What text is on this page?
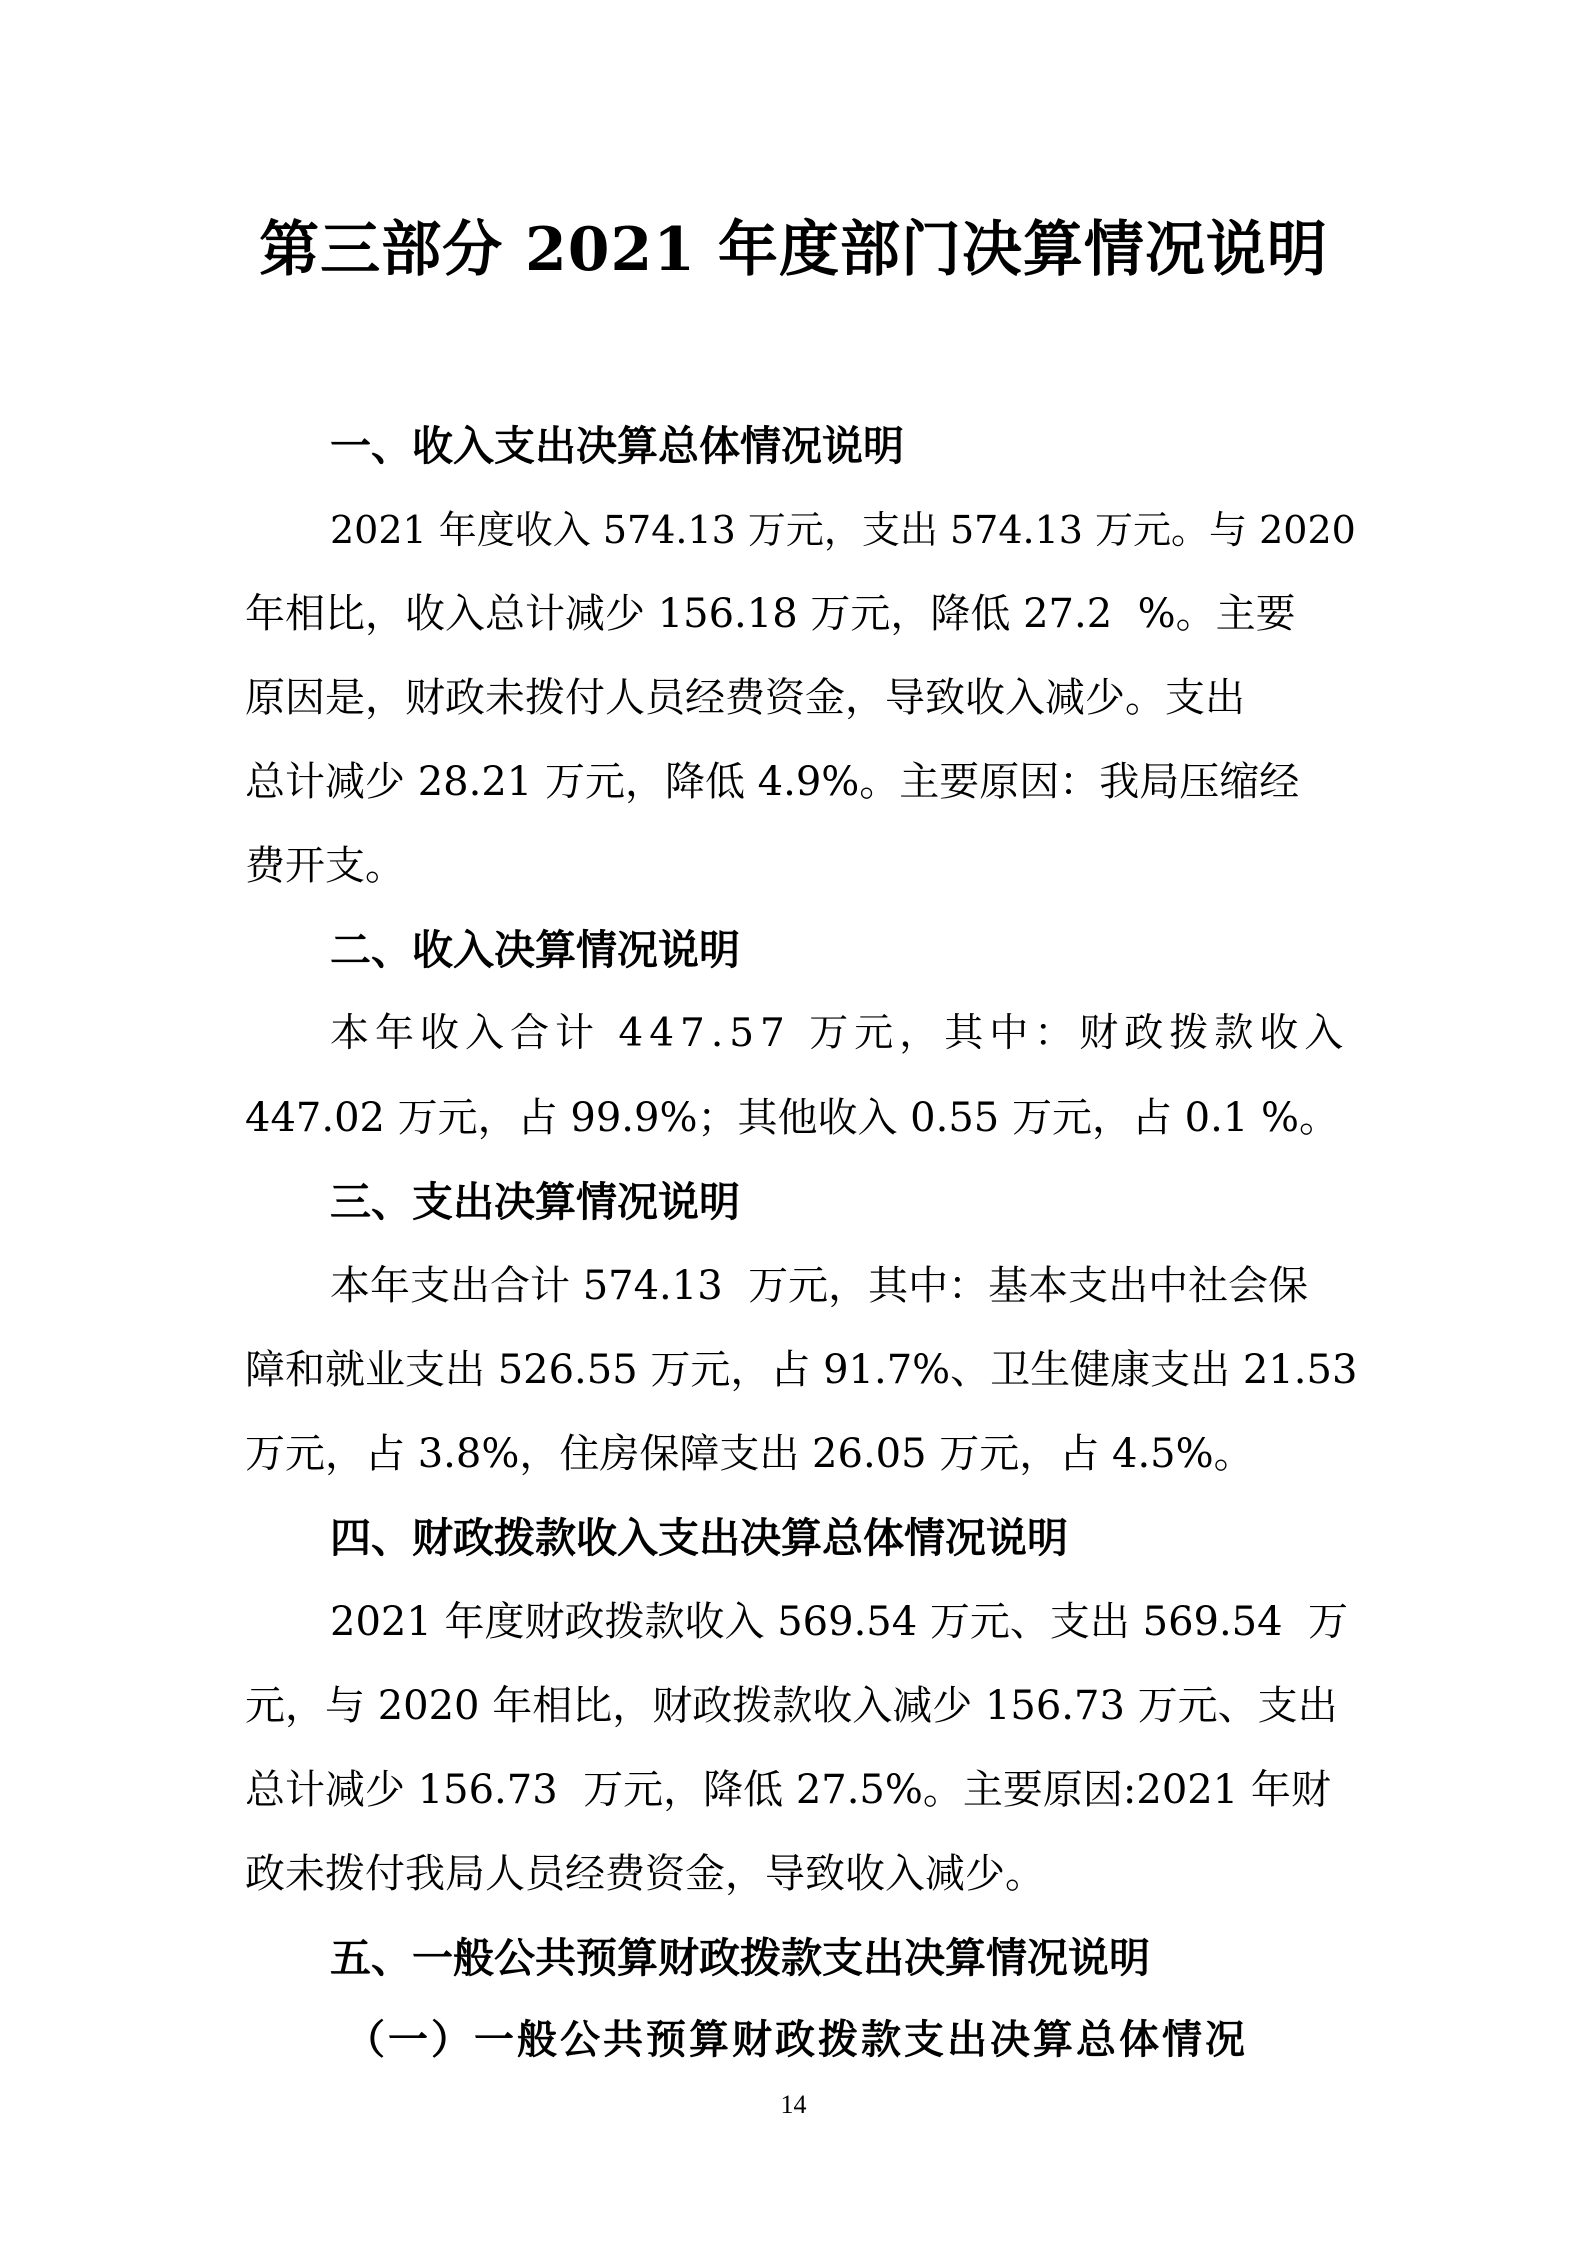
第三部分 2021 年度部门决算情况说明
一、收入支出决算总体情况说明
2021 年度收入 574.13 万元，支出 574.13 万元。与 2020
年相比，收入总计减少 156.18 万元，降低 27.2  %。主要
原因是，财政未拨付人员经费资金，导致收入减少。支出
总计减少 28.21 万元，降低 4.9%。主要原因：我局压缩经
费开支。
二、收入决算情况说明
本年收入合计 447.57 万元，其中：财政拨款收入
447.02 万元，占 99.9%；其他收入 0.55 万元，占 0.1 %。
三、支出决算情况说明
本年支出合计 574.13  万元，其中：基本支出中社会保
障和就业支出 526.55 万元，占 91.7%、卫生健康支出 21.53
万元，占 3.8%，住房保障支出 26.05 万元，占 4.5%。
四、财政拨款收入支出决算总体情况说明
2021 年度财政拨款收入 569.54 万元、支出 569.54  万
元，与 2020 年相比，财政拨款收入减少 156.73 万元、支出
总计减少 156.73  万元，降低 27.5%。主要原因:2021 年财
政未拨付我局人员经费资金，导致收入减少。
五、一般公共预算财政拨款支出决算情况说明
（一）一般公共预算财政拨款支出决算总体情况
14
